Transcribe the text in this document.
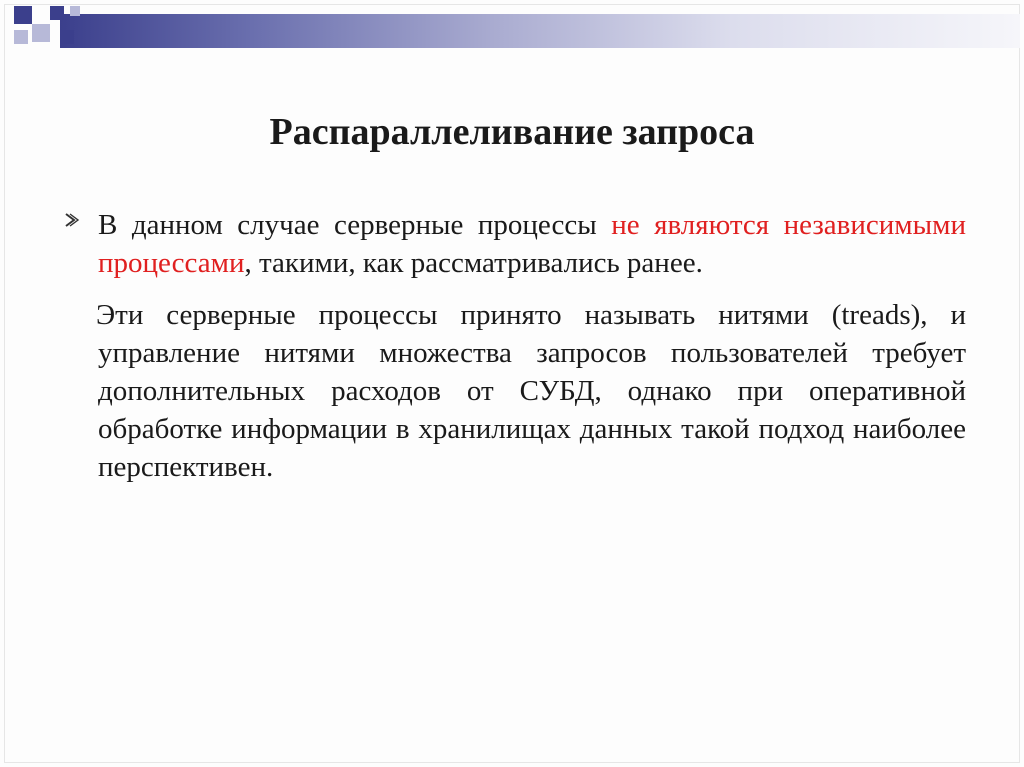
Распараллеливание запроса

В данном случае серверные процессы не являются независимыми процессами, такими, как рассматривались ранее.

Эти серверные процессы принято называть нитями (treads), и управление нитями множества запросов пользователей требует дополнительных расходов от СУБД, однако при оперативной обработке информации в хранилищах данных такой подход наиболее перспективен.
